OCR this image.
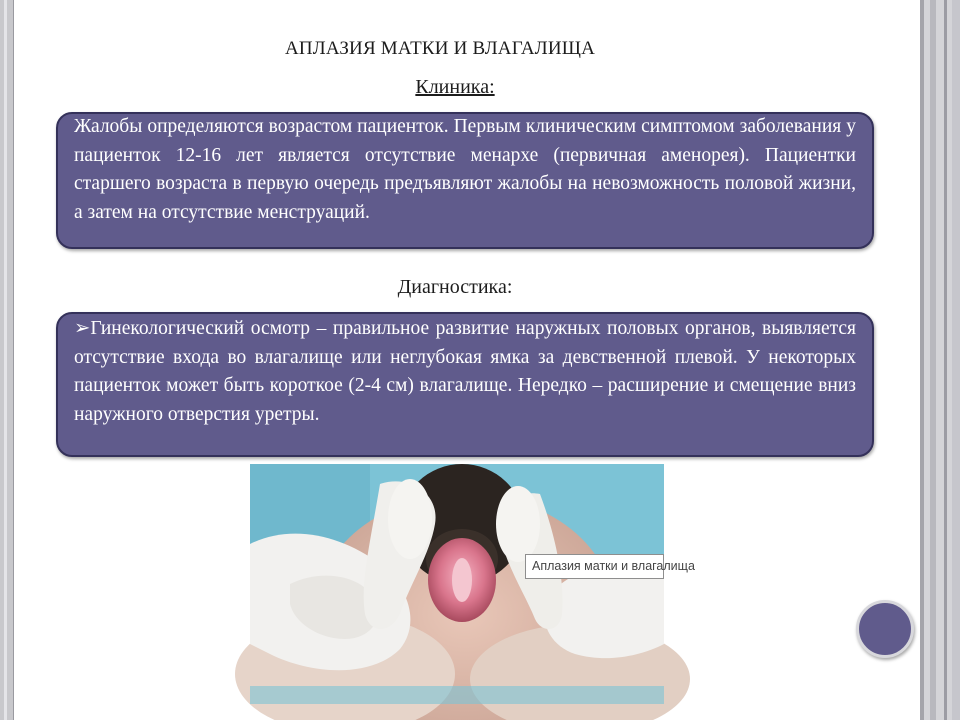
АПЛАЗИЯ МАТКИ И ВЛАГАЛИЩА
Клиника:

Жалобы определяются возрастом пациенток. Первым клиническим симптомом заболевания у пациенток 12-16 лет является отсутствие менархе (первичная аменорея). Пациентки старшего возраста в первую очередь предъявляют жалобы на невозможность половой жизни, а затем на отсутствие менструаций.

Диагностика:

➢Гинекологический осмотр – правильное развитие наружных половых органов, выявляется отсутствие входа во влагалище или неглубокая ямка за девственной плевой. У некоторых пациенток может быть короткое (2-4 см) влагалище. Нередко – расширение и смещение вниз наружного отверстия уретры.

Аплазия матки и влагалища
